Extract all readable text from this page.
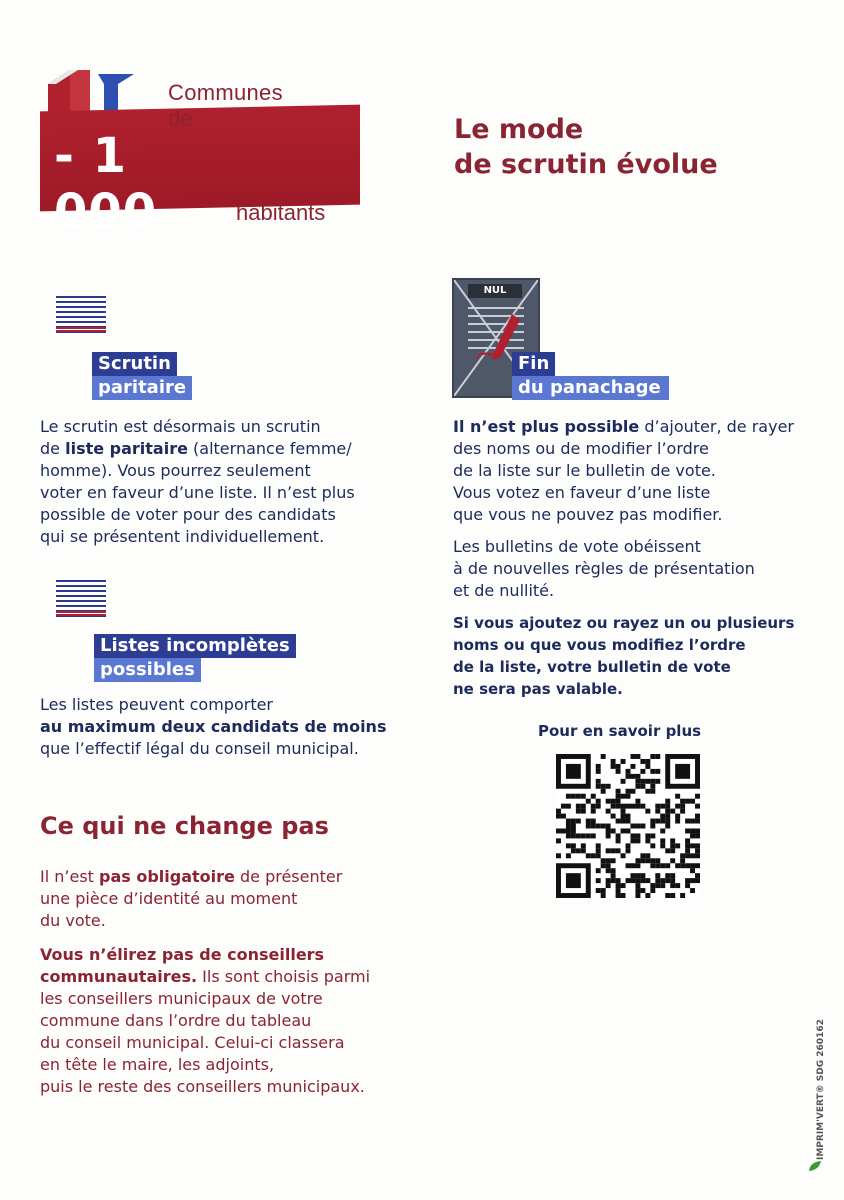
Communes de
- 1 000	habitants
Le mode
de scrutin évolue
Scrutin
paritaire
Le scrutin est désormais un scrutin
de liste paritaire (alternance femme/
homme). Vous pourrez seulement
voter en faveur d’une liste. Il n’est plus
possible de voter pour des candidats
qui se présentent individuellement.
Listes incomplètes
possibles
Les listes peuvent comporter
au maximum deux candidats de moins
que l’effectif légal du conseil municipal.
Ce qui ne change pas
Il n’est pas obligatoire de présenter
une pièce d’identité au moment
du vote.
Vous n’élirez pas de conseillers
communautaires. Ils sont choisis parmi
les conseillers municipaux de votre
commune dans l’ordre du tableau
du conseil municipal. Celui-ci classera
en tête le maire, les adjoints,
puis le reste des conseillers municipaux.
NUL
Fin
du panachage
Il n’est plus possible d’ajouter, de rayer
des noms ou de modifier l’ordre
de la liste sur le bulletin de vote.
Vous votez en faveur d’une liste
que vous ne pouvez pas modifier.
Les bulletins de vote obéissent
à de nouvelles règles de présentation
et de nullité.
Si vous ajoutez ou rayez un ou plusieurs
noms ou que vous modifiez l’ordre
de la liste, votre bulletin de vote
ne sera pas valable.
Pour en savoir plus
IMPRIM'VERT® SDG 260162
